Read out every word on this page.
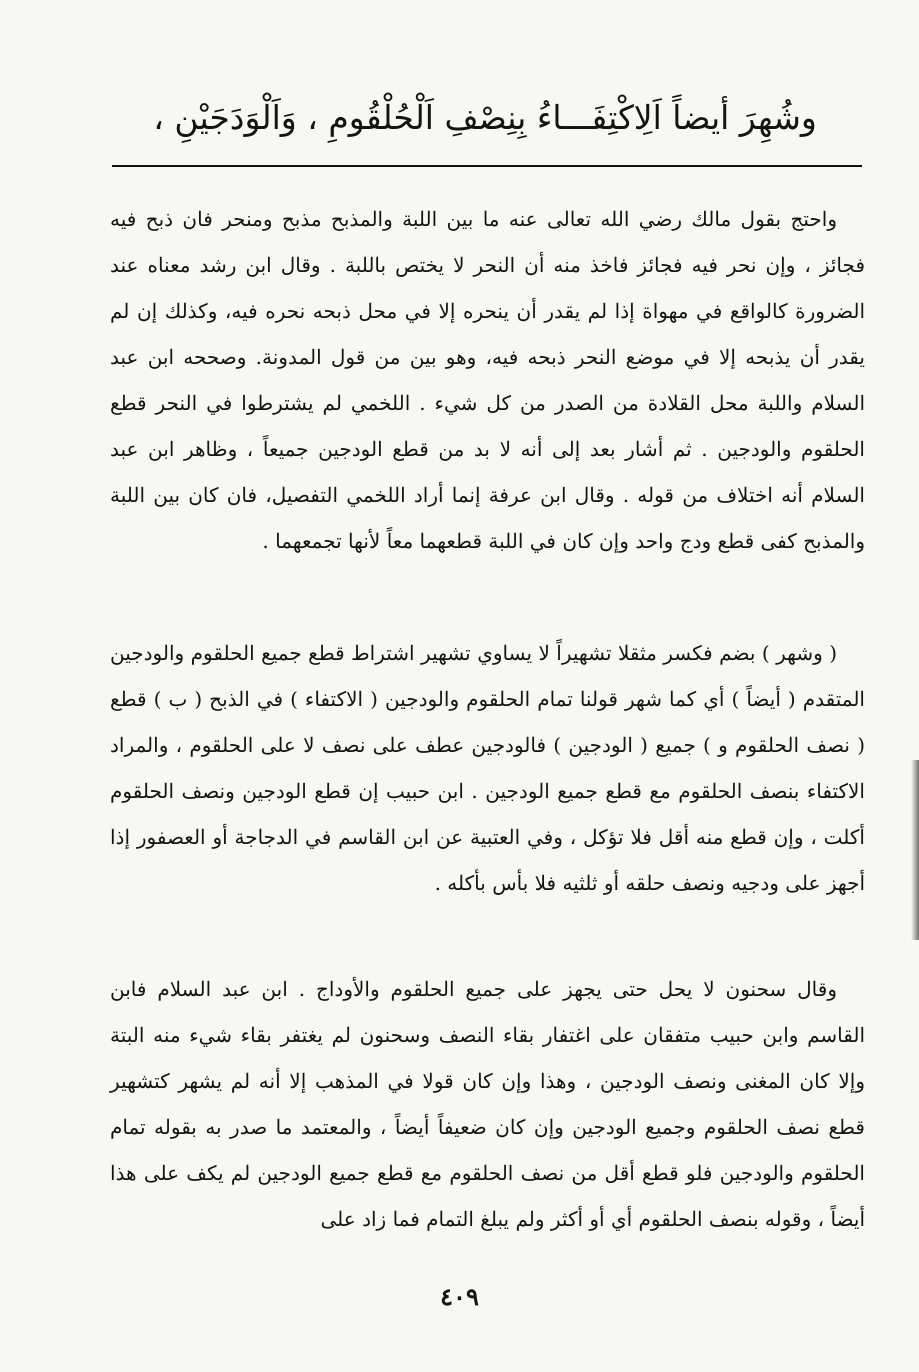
وشُهِرَ أيضاً اَلِاكْتِفَـــاءُ بِنِصْفِ اَلْحُلْقُومِ ، وَاَلْوَدَجَيْنِ ،

واحتج بقول مالك رضي الله تعالى عنه ما بين اللبة والمذبح مذبح ومنحر فان ذبح فيه فجائز ، وإن نحر فيه فجائز فاخذ منه أن النحر لا يختص باللبة . وقال ابن رشد معناه عند الضرورة كالواقع في مهواة إذا لم يقدر أن ينحره إلا في محل ذبحه نحره فيه، وكذلك إن لم يقدر أن يذبحه إلا في موضع النحر ذبحه فيه، وهو بين من قول المدونة. وصححه ابن عبد السلام واللبة محل القلادة من الصدر من كل شيء . اللخمي لم يشترطوا في النحر قطع الحلقوم والودجين . ثم أشار بعد إلى أنه لا بد من قطع الودجين جميعاً ، وظاهر ابن عبد السلام أنه اختلاف من قوله . وقال ابن عرفة إنما أراد اللخمي التفصيل، فان كان بين اللبة والمذبح كفى قطع ودج واحد وإن كان في اللبة قطعهما معاً لأنها تجمعهما .

( وشهر ) بضم فكسر مثقلا تشهيراً لا يساوي تشهير اشتراط قطع جميع الحلقوم والودجين المتقدم ( أيضاً ) أي كما شهر قولنا تمام الحلقوم والودجين ( الاكتفاء ) في الذبح ( ب ) قطع ( نصف الحلقوم و ) جميع ( الودجين ) فالودجين عطف على نصف لا على الحلقوم ، والمراد الاكتفاء بنصف الحلقوم مع قطع جميع الودجين . ابن حبيب إن قطع الودجين ونصف الحلقوم أكلت ، وإن قطع منه أقل فلا تؤكل ، وفي العتبية عن ابن القاسم في الدجاجة أو العصفور إذا أجهز على ودجيه ونصف حلقه أو ثلثيه فلا بأس بأكله .

وقال سحنون لا يحل حتى يجهز على جميع الحلقوم والأوداج . ابن عبد السلام فابن القاسم وابن حبيب متفقان على اغتفار بقاء النصف وسحنون لم يغتفر بقاء شيء منه البتة وإلا كان المغنى ونصف الودجين ، وهذا وإن كان قولا في المذهب إلا أنه لم يشهر كتشهير قطع نصف الحلقوم وجميع الودجين وإن كان ضعيفاً أيضاً ، والمعتمد ما صدر به بقوله تمام الحلقوم والودجين فلو قطع أقل من نصف الحلقوم مع قطع جميع الودجين لم يكف على هذا أيضاً ، وقوله بنصف الحلقوم أي أو أكثر ولم يبلغ التمام فما زاد على

٤٠٩
